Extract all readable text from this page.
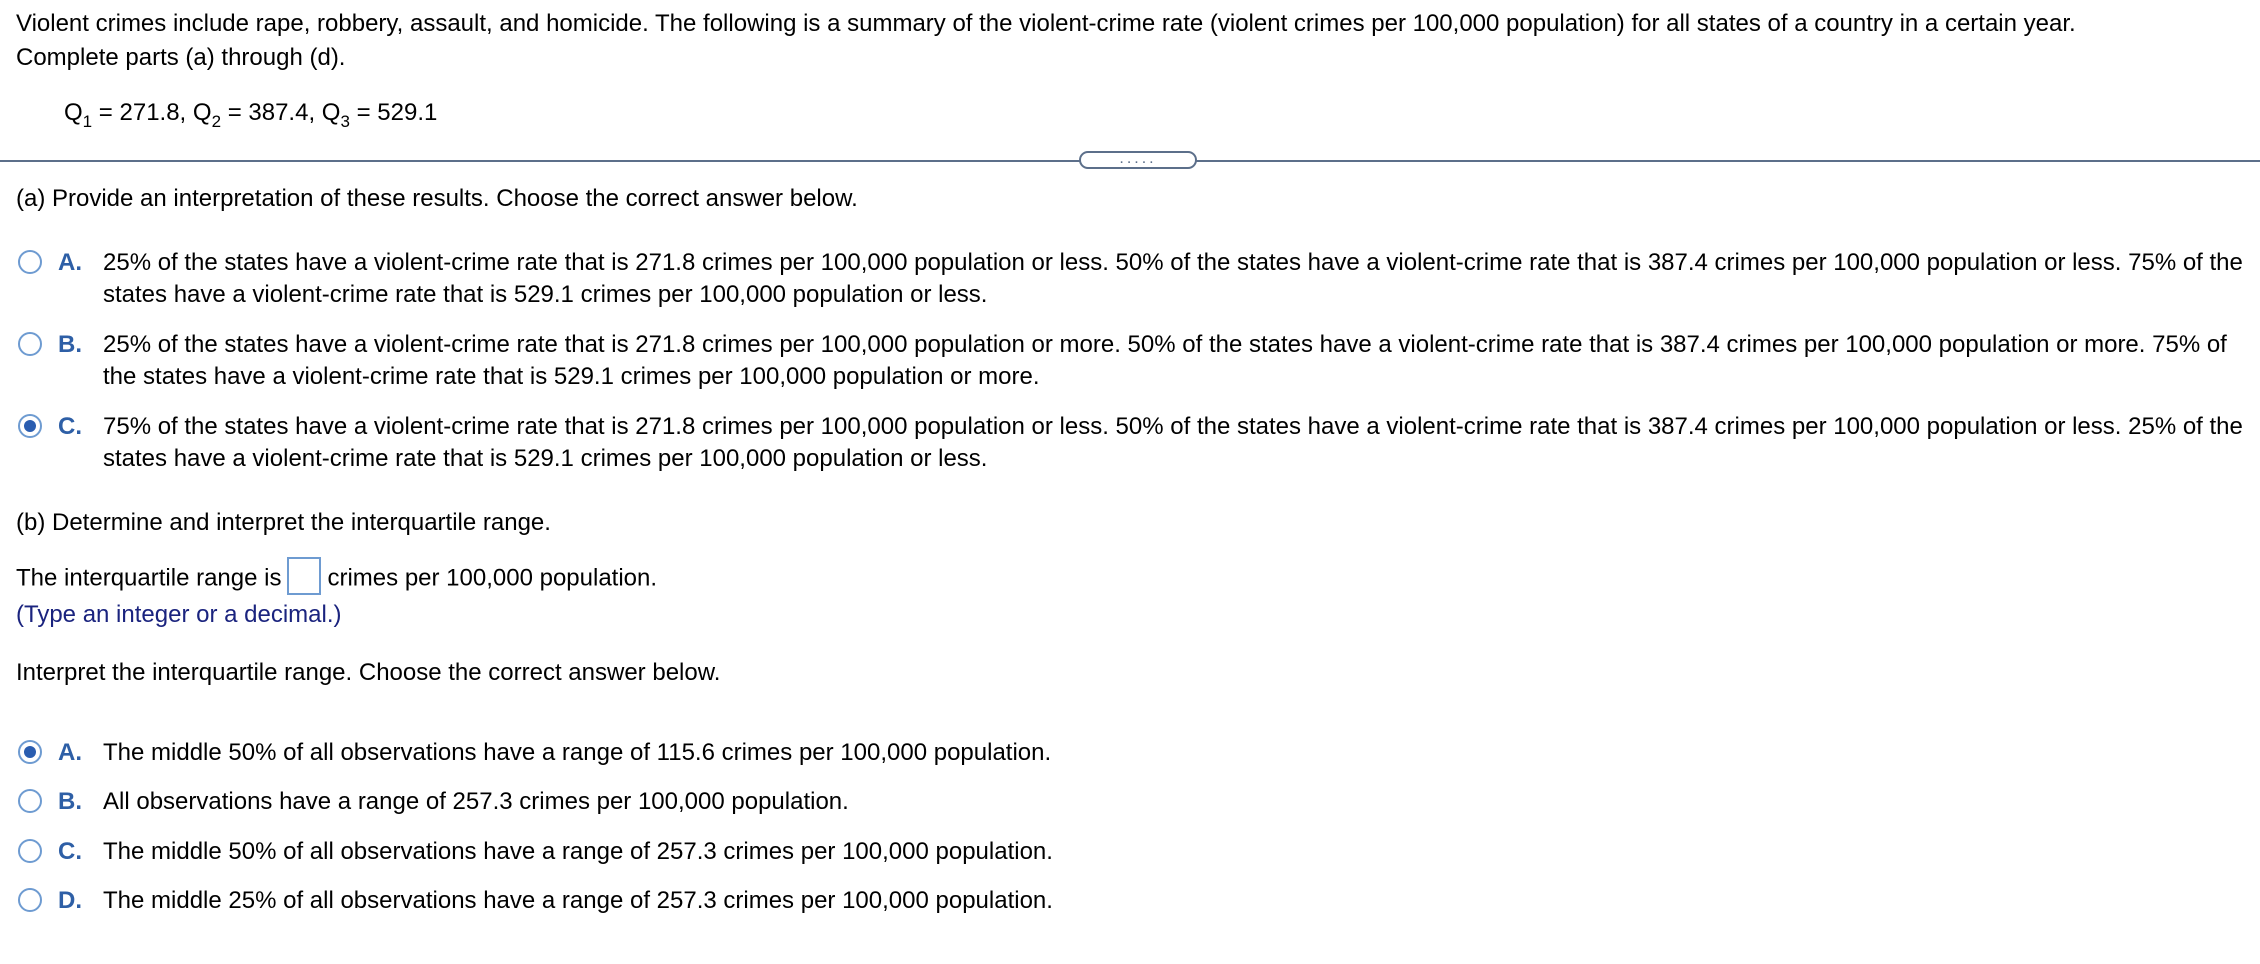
Violent crimes include rape, robbery, assault, and homicide. The following is a summary of the violent-crime rate (violent crimes per 100,000 population) for all states of a country in a certain year.
Complete parts (a) through (d).
$Q_1 = 271.8$, $Q_2 = 387.4$, $Q_3 = 529.1$
.....
(a) Provide an interpretation of these results. Choose the correct answer below.
A. 25% of the states have a violent-crime rate that is 271.8 crimes per 100,000 population or less. 50% of the states have a violent-crime rate that is 387.4 crimes per 100,000 population or less. 75% of the states have a violent-crime rate that is 529.1 crimes per 100,000 population or less.
B. 25% of the states have a violent-crime rate that is 271.8 crimes per 100,000 population or more. 50% of the states have a violent-crime rate that is 387.4 crimes per 100,000 population or more. 75% of the states have a violent-crime rate that is 529.1 crimes per 100,000 population or more.
C. 75% of the states have a violent-crime rate that is 271.8 crimes per 100,000 population or less. 50% of the states have a violent-crime rate that is 387.4 crimes per 100,000 population or less. 25% of the states have a violent-crime rate that is 529.1 crimes per 100,000 population or less.
(b) Determine and interpret the interquartile range.
The interquartile range is crimes per 100,000 population.
(Type an integer or a decimal.)
Interpret the interquartile range. Choose the correct answer below.
A. The middle 50% of all observations have a range of 115.6 crimes per 100,000 population.
B. All observations have a range of 257.3 crimes per 100,000 population.
C. The middle 50% of all observations have a range of 257.3 crimes per 100,000 population.
D. The middle 25% of all observations have a range of 257.3 crimes per 100,000 population.
